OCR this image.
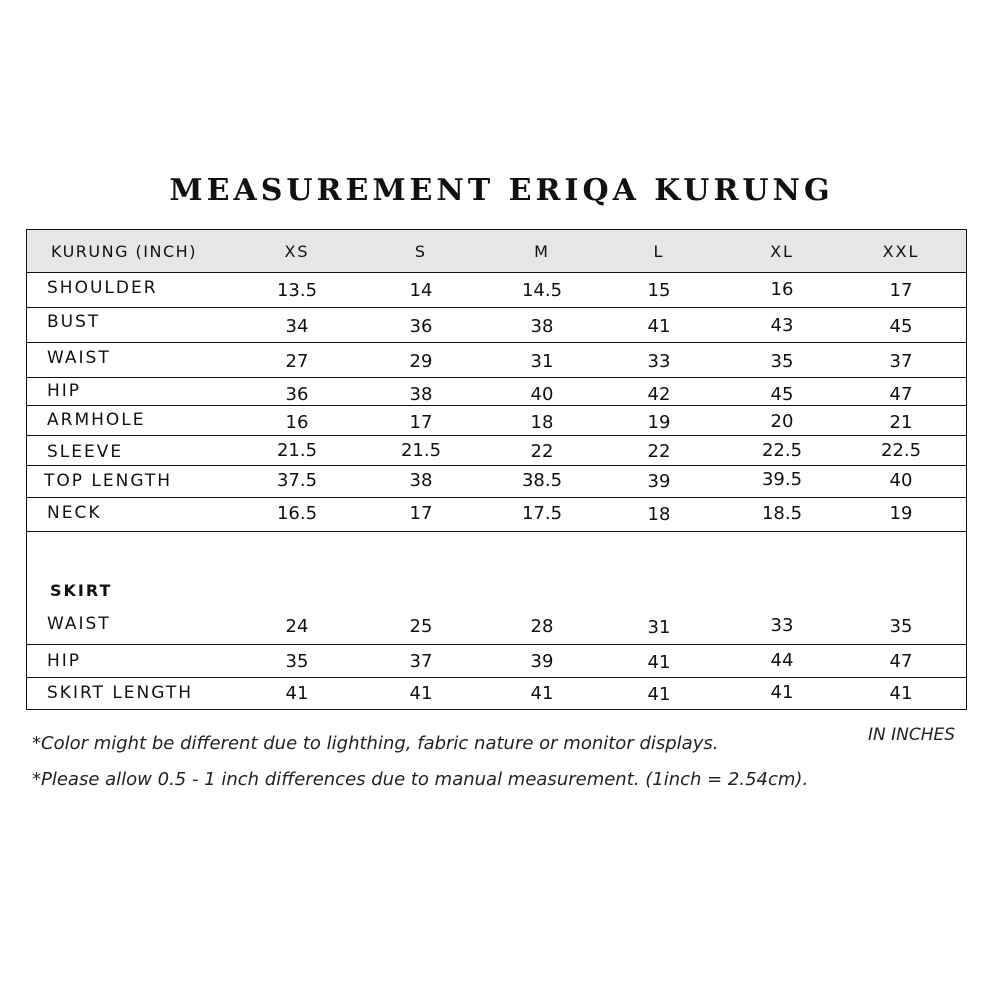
MEASUREMENT ERIQA KURUNG
KURUNG (INCH)	XS	S	M	L	XL	XXL
SHOULDER	13.5	14	14.5	15	16	17
BUST	34	36	38	41	43	45
WAIST	27	29	31	33	35	37
HIP	36	38	40	42	45	47
ARMHOLE	16	17	18	19	20	21
SLEEVE	21.5	21.5	22	22	22.5	22.5
TOP LENGTH	37.5	38	38.5	39	39.5	40
NECK	16.5	17	17.5	18	18.5	19
SKIRT
WAIST	24	25	28	31	33	35
HIP	35	37	39	41	44	47
SKIRT LENGTH	41	41	41	41	41	41
IN INCHES
*Color might be different due to lighthing, fabric nature or monitor displays.
*Please allow 0.5 - 1 inch differences due to manual measurement. (1inch = 2.54cm).
